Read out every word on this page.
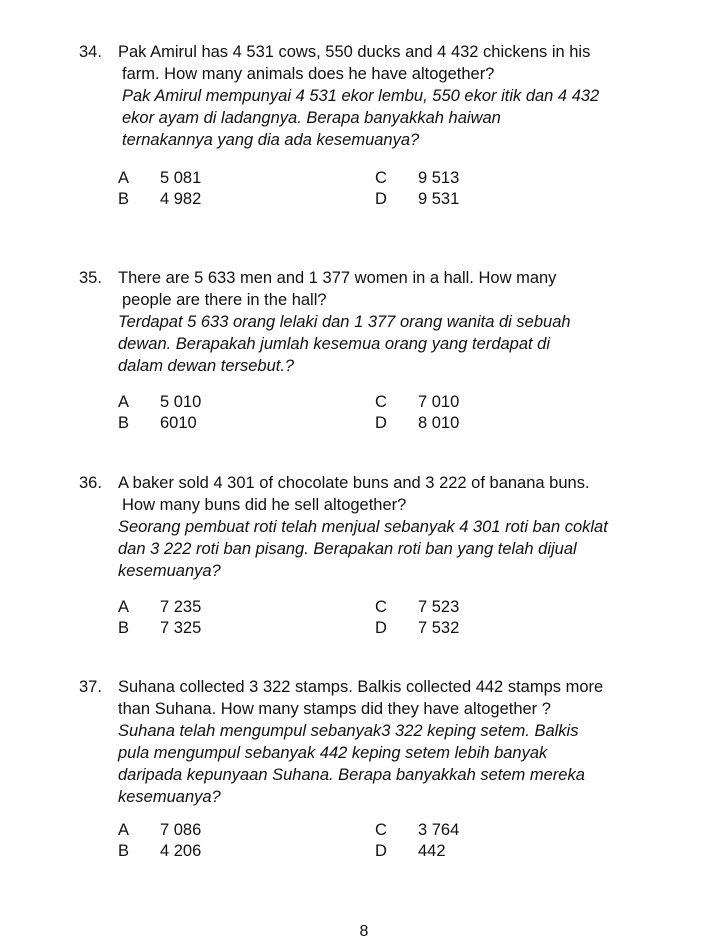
34. Pak Amirul has 4 531 cows, 550 ducks and 4 432 chickens in his
farm. How many animals does he have altogether?
Pak Amirul mempunyai 4 531 ekor lembu, 550 ekor itik dan 4 432
ekor ayam di ladangnya. Berapa banyakkah haiwan
ternakannya yang dia ada kesemuanya?
A 5 081	C 9 513
B 4 982	D 9 531
35. There are 5 633 men and 1 377 women in a hall. How many
people are there in the hall?
Terdapat 5 633 orang lelaki dan 1 377 orang wanita di sebuah
dewan. Berapakah jumlah kesemua orang yang terdapat di
dalam dewan tersebut.?
A 5 010	C 7 010
B 6010	D 8 010
36. A baker sold 4 301 of chocolate buns and 3 222 of banana buns.
How many buns did he sell altogether?
Seorang pembuat roti telah menjual sebanyak 4 301 roti ban coklat
dan 3 222 roti ban pisang. Berapakan roti ban yang telah dijual
kesemuanya?
A 7 235	C 7 523
B 7 325	D 7 532
37. Suhana collected 3 322 stamps. Balkis collected 442 stamps more
than Suhana. How many stamps did they have altogether ?
Suhana telah mengumpul sebanyak3 322 keping setem. Balkis
pula mengumpul sebanyak 442 keping setem lebih banyak
daripada kepunyaan Suhana. Berapa banyakkah setem mereka
kesemuanya?
A 7 086	C 3 764
B 4 206	D 442
8
